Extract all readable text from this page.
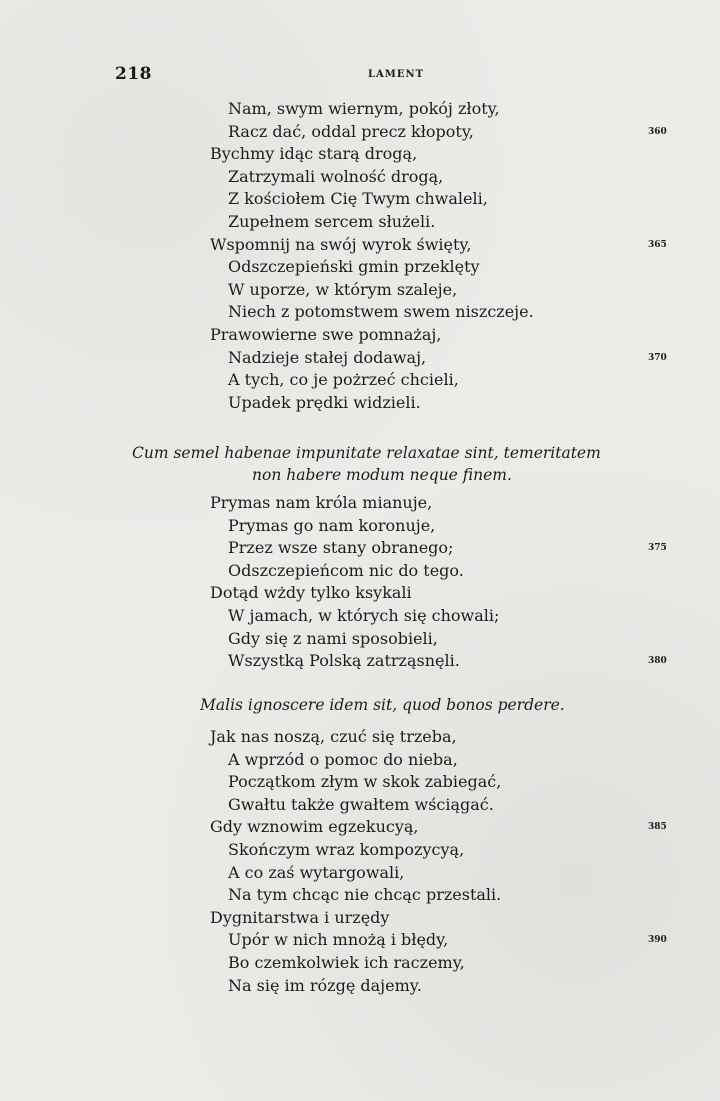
218	LAMENT
Nam, swym wiernym, pokój złoty,
Racz dać, oddal precz kłopoty,	360
Bychmy idąc starą drogą,
Zatrzymali wolność drogą,
Z kościołem Cię Twym chwaleli,
Zupełnem sercem służeli.
Wspomnij na swój wyrok święty,	365
Odszczepieński gmin przeklęty
W uporze, w którym szaleje,
Niech z potomstwem swem niszczeje.
Prawowierne swe pomnażaj,
Nadzieje stałej dodawaj,	370
A tych, co je pożrzeć chcieli,
Upadek prędki widzieli.
Cum semel habenae impunitate relaxatae sint, temeritatem
non habere modum neque finem.
Prymas nam króla mianuje,
Prymas go nam koronuje,
Przez wsze stany obranego;	375
Odszczepieńcom nic do tego.
Dotąd wżdy tylko ksykali
W jamach, w których się chowali;
Gdy się z nami sposobieli,
Wszystką Polską zatrząsnęli.	380
Malis ignoscere idem sit, quod bonos perdere.
Jak nas noszą, czuć się trzeba,
A wprzód o pomoc do nieba,
Początkom złym w skok zabiegać,
Gwałtu także gwałtem wściągać.
Gdy wznowim egzekucyą,	385
Skończym wraz kompozycyą,
A co zaś wytargowali,
Na tym chcąc nie chcąc przestali.
Dygnitarstwa i urzędy
Upór w nich mnożą i błędy,	390
Bo czemkolwiek ich raczemy,
Na się im rózgę dajemy.
